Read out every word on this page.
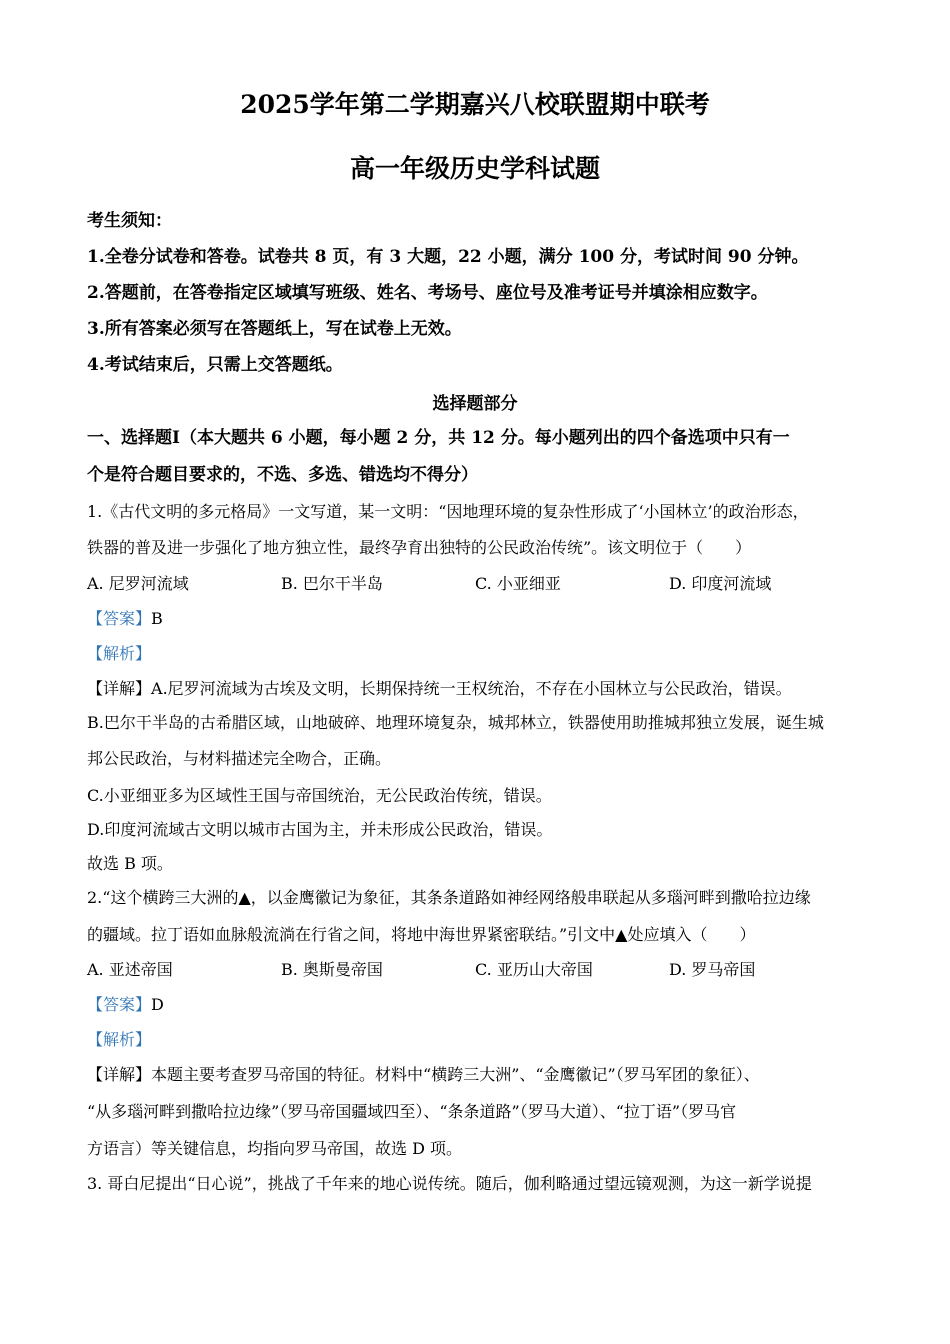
2025学年第二学期嘉兴八校联盟期中联考
高一年级历史学科试题
考生须知：
1.全卷分试卷和答卷。试卷共 8 页，有 3 大题，22 小题，满分 100 分，考试时间 90 分钟。
2.答题前，在答卷指定区域填写班级、姓名、考场号、座位号及准考证号并填涂相应数字。
3.所有答案必须写在答题纸上，写在试卷上无效。
4.考试结束后，只需上交答题纸。
选择题部分
一、选择题Ⅰ（本大题共 6 小题，每小题 2 分，共 12 分。每小题列出的四个备选项中只有一
个是符合题目要求的，不选、多选、错选均不得分）
1.《古代文明的多元格局》一文写道，某一文明：“因地理环境的复杂性形成了‘小国林立’的政治形态，
铁器的普及进一步强化了地方独立性，最终孕育出独特的公民政治传统”。该文明位于（　　）
A. 尼罗河流域	B. 巴尔干半岛	C. 小亚细亚	D. 印度河流域
【答案】B
【解析】
【详解】A.尼罗河流域为古埃及文明，长期保持统一王权统治，不存在小国林立与公民政治，错误。
B.巴尔干半岛的古希腊区域，山地破碎、地理环境复杂，城邦林立，铁器使用助推城邦独立发展，诞生城
邦公民政治，与材料描述完全吻合，正确。
C.小亚细亚多为区域性王国与帝国统治，无公民政治传统，错误。
D.印度河流域古文明以城市古国为主，并未形成公民政治，错误。
故选 B 项。
2.“这个横跨三大洲的▲，以金鹰徽记为象征，其条条道路如神经网络般串联起从多瑙河畔到撒哈拉边缘
的疆域。拉丁语如血脉般流淌在行省之间，将地中海世界紧密联结。”引文中▲处应填入（　　）
A. 亚述帝国	B. 奥斯曼帝国	C. 亚历山大帝国	D. 罗马帝国
【答案】D
【解析】
【详解】本题主要考查罗马帝国的特征。材料中“横跨三大洲”、“金鹰徽记”（罗马军团的象征）、
“从多瑙河畔到撒哈拉边缘”（罗马帝国疆域四至）、“条条道路”（罗马大道）、“拉丁语”（罗马官
方语言）等关键信息，均指向罗马帝国，故选 D 项。
3. 哥白尼提出“日心说”，挑战了千年来的地心说传统。随后，伽利略通过望远镜观测，为这一新学说提
